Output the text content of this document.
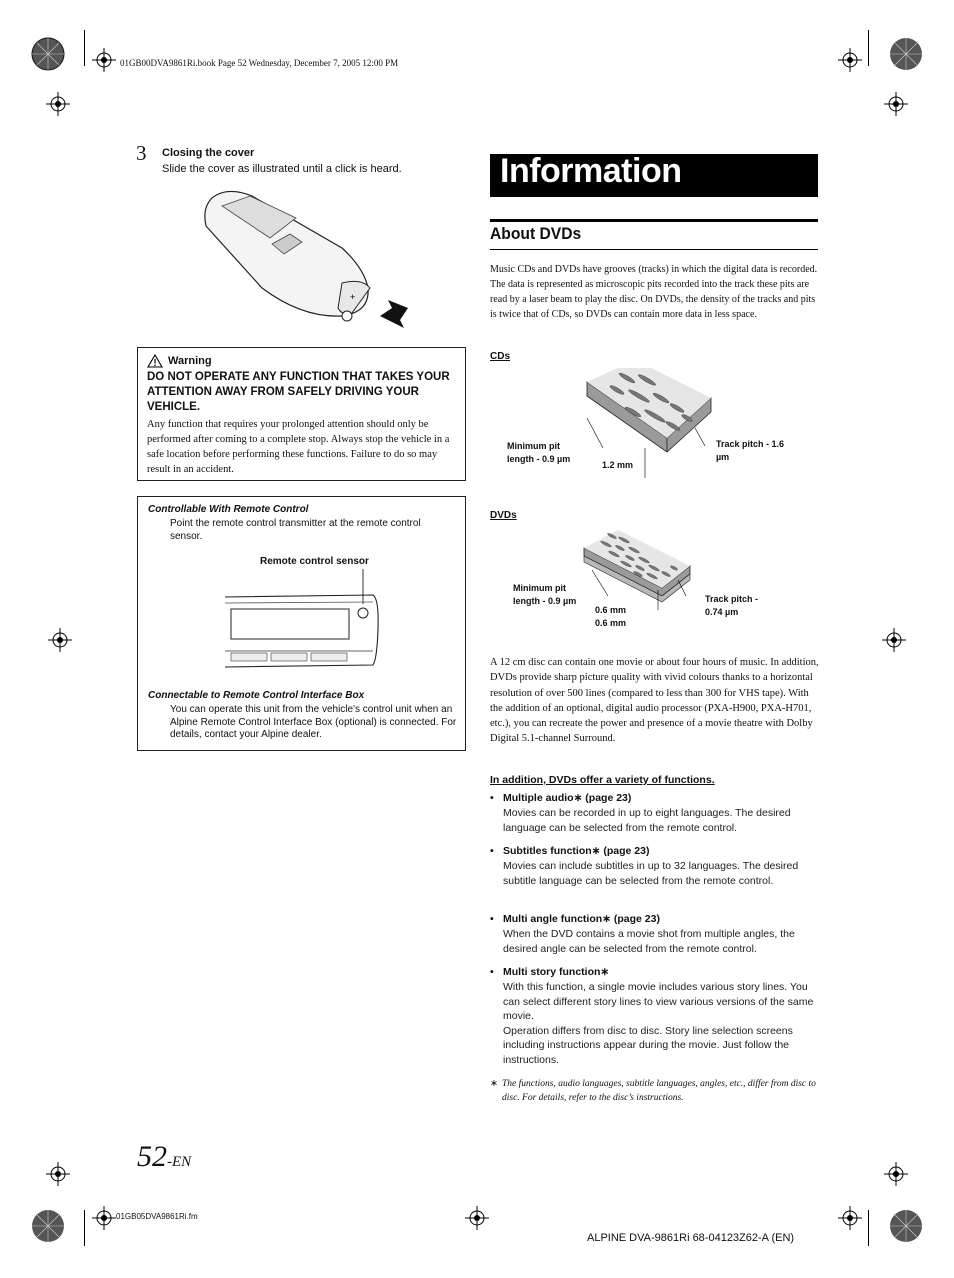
01GB00DVA9861Ri.book Page 52 Wednesday, December 7, 2005 12:00 PM
3 Closing the cover
Slide the cover as illustrated until a click is heard.
+
Warning
DO NOT OPERATE ANY FUNCTION THAT TAKES YOUR ATTENTION AWAY FROM SAFELY DRIVING YOUR VEHICLE.
Any function that requires your prolonged attention should only be performed after coming to a complete stop. Always stop the vehicle in a safe location before performing these functions. Failure to do so may result in an accident.
Controllable With Remote Control
Point the remote control transmitter at the remote control sensor.
Remote control sensor
Connectable to Remote Control Interface Box
You can operate this unit from the vehicle's control unit when an Alpine Remote Control Interface Box (optional) is connected. For details, contact your Alpine dealer.
Information
About DVDs
Music CDs and DVDs have grooves (tracks) in which the digital data is recorded. The data is represented as microscopic pits recorded into the track these pits are read by a laser beam to play the disc. On DVDs, the density of the tracks and pits is twice that of CDs, so DVDs can contain more data in less space.
CDs
Minimum pit length - 0.9 µm
1.2 mm
Track pitch - 1.6 µm
DVDs
Minimum pit length - 0.9 µm
0.6 mm
0.6 mm
Track pitch - 0.74 µm
A 12 cm disc can contain one movie or about four hours of music. In addition, DVDs provide sharp picture quality with vivid colours thanks to a horizontal resolution of over 500 lines (compared to less than 300 for VHS tape). With the addition of an optional, digital audio processor (PXA-H900, PXA-H701, etc.), you can recreate the power and presence of a movie theatre with Dolby Digital 5.1-channel Surround.
In addition, DVDs offer a variety of functions.
• Multiple audio∗ (page 23)
Movies can be recorded in up to eight languages. The desired language can be selected from the remote control.
• Subtitles function∗ (page 23)
Movies can include subtitles in up to 32 languages. The desired subtitle language can be selected from the remote control.
• Multi angle function∗ (page 23)
When the DVD contains a movie shot from multiple angles, the desired angle can be selected from the remote control.
• Multi story function∗
With this function, a single movie includes various story lines. You can select different story lines to view various versions of the same movie.
Operation differs from disc to disc. Story line selection screens including instructions appear during the movie. Just follow the instructions.
∗ The functions, audio languages, subtitle languages, angles, etc., differ from disc to disc. For details, refer to the disc’s instructions.
52-EN
01GB05DVA9861Ri.fm
ALPINE DVA-9861Ri 68-04123Z62-A (EN)
